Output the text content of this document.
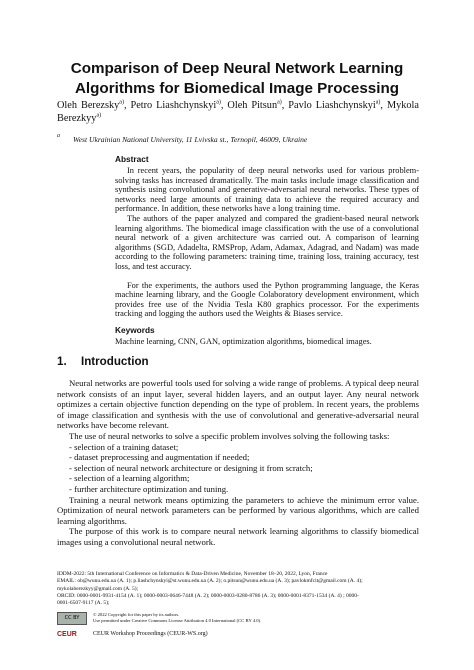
Comparison of Deep Neural Network Learning Algorithms for Biomedical Image Processing
Oleh Berezsky$^{a)}$, Petro Liashchynskyi$^{a)}$, Oleh Pitsun$^{a)}$, Pavlo Liashchynskyi$^{a)}$, Mykola Berezkyy$^{a)}$
a West Ukrainian National University, 11 Lvivska st., Ternopil, 46009, Ukraine
Abstract

In recent years, the popularity of deep neural networks used for various problem-solving tasks has increased dramatically. The main tasks include image classification and synthesis using convolutional and generative-adversarial neural networks. These types of networks need large amounts of training data to achieve the required accuracy and performance. In addition, these networks have a long training time.

The authors of the paper analyzed and compared the gradient-based neural network learning algorithms. The biomedical image classification with the use of a convolutional neural network of a given architecture was carried out. A comparison of learning algorithms (SGD, Adadelta, RMSProp, Adam, Adamax, Adagrad, and Nadam) was made according to the following parameters: training time, training loss, training accuracy, test loss, and test accuracy.

For the experiments, the authors used the Python programming language, the Keras machine learning library, and the Google Colaboratory development environment, which provides free use of the Nvidia Tesla K80 graphics processor. For the experiments tracking and logging the authors used the Weights & Biases service.

Keywords
Machine learning, CNN, GAN, optimization algorithms, biomedical images.
1. Introduction

Neural networks are powerful tools used for solving a wide range of problems. A typical deep neural network consists of an input layer, several hidden layers, and an output layer. Any neural network optimizes a certain objective function depending on the type of problem. In recent years, the problems of image classification and synthesis with the use of convolutional and generative-adversarial neural networks have become relevant.

The use of neural networks to solve a specific problem involves solving the following tasks:

- selection of a training dataset;
- dataset preprocessing and augmentation if needed;
- selection of neural network architecture or designing it from scratch;
- selection of a learning algorithm;
- further architecture optimization and tuning.

Training a neural network means optimizing the parameters to achieve the minimum error value. Optimization of neural network parameters can be performed by various algorithms, which are called learning algorithms.

The purpose of this work is to compare neural network learning algorithms to classify biomedical images using a convolutional neural network.

IDDM-2022: 5th International Conference on Informatics & Data-Driven Medicine, November 18–20, 2022, Lyon, France
EMAIL: ob@wunu.edu.ua (A. 1); p.liashchynskyi@st.wunu.edu.ua (A. 2); o.pitsun@wunu.edu.ua (A. 3); pavlokmfcit@gmail.com (A. 4);
mykolaberezkyy@gmail.com (A. 5);
ORCID: 0000-0001-9931-4154 (A. 1); 0000-0003-0646-7448 (A. 2); 0000-0003-0280-8786 (A. 3); 0000-0001-8371-1534 (A. 4) ; 0000-
0001-6507-9117 (A. 5);
CC BY
© 2022 Copyright for this paper by its authors.
Use permitted under Creative Commons License Attribution 4.0 International (CC BY 4.0).
CEUR	CEUR Workshop Proceedings (CEUR-WS.org)
